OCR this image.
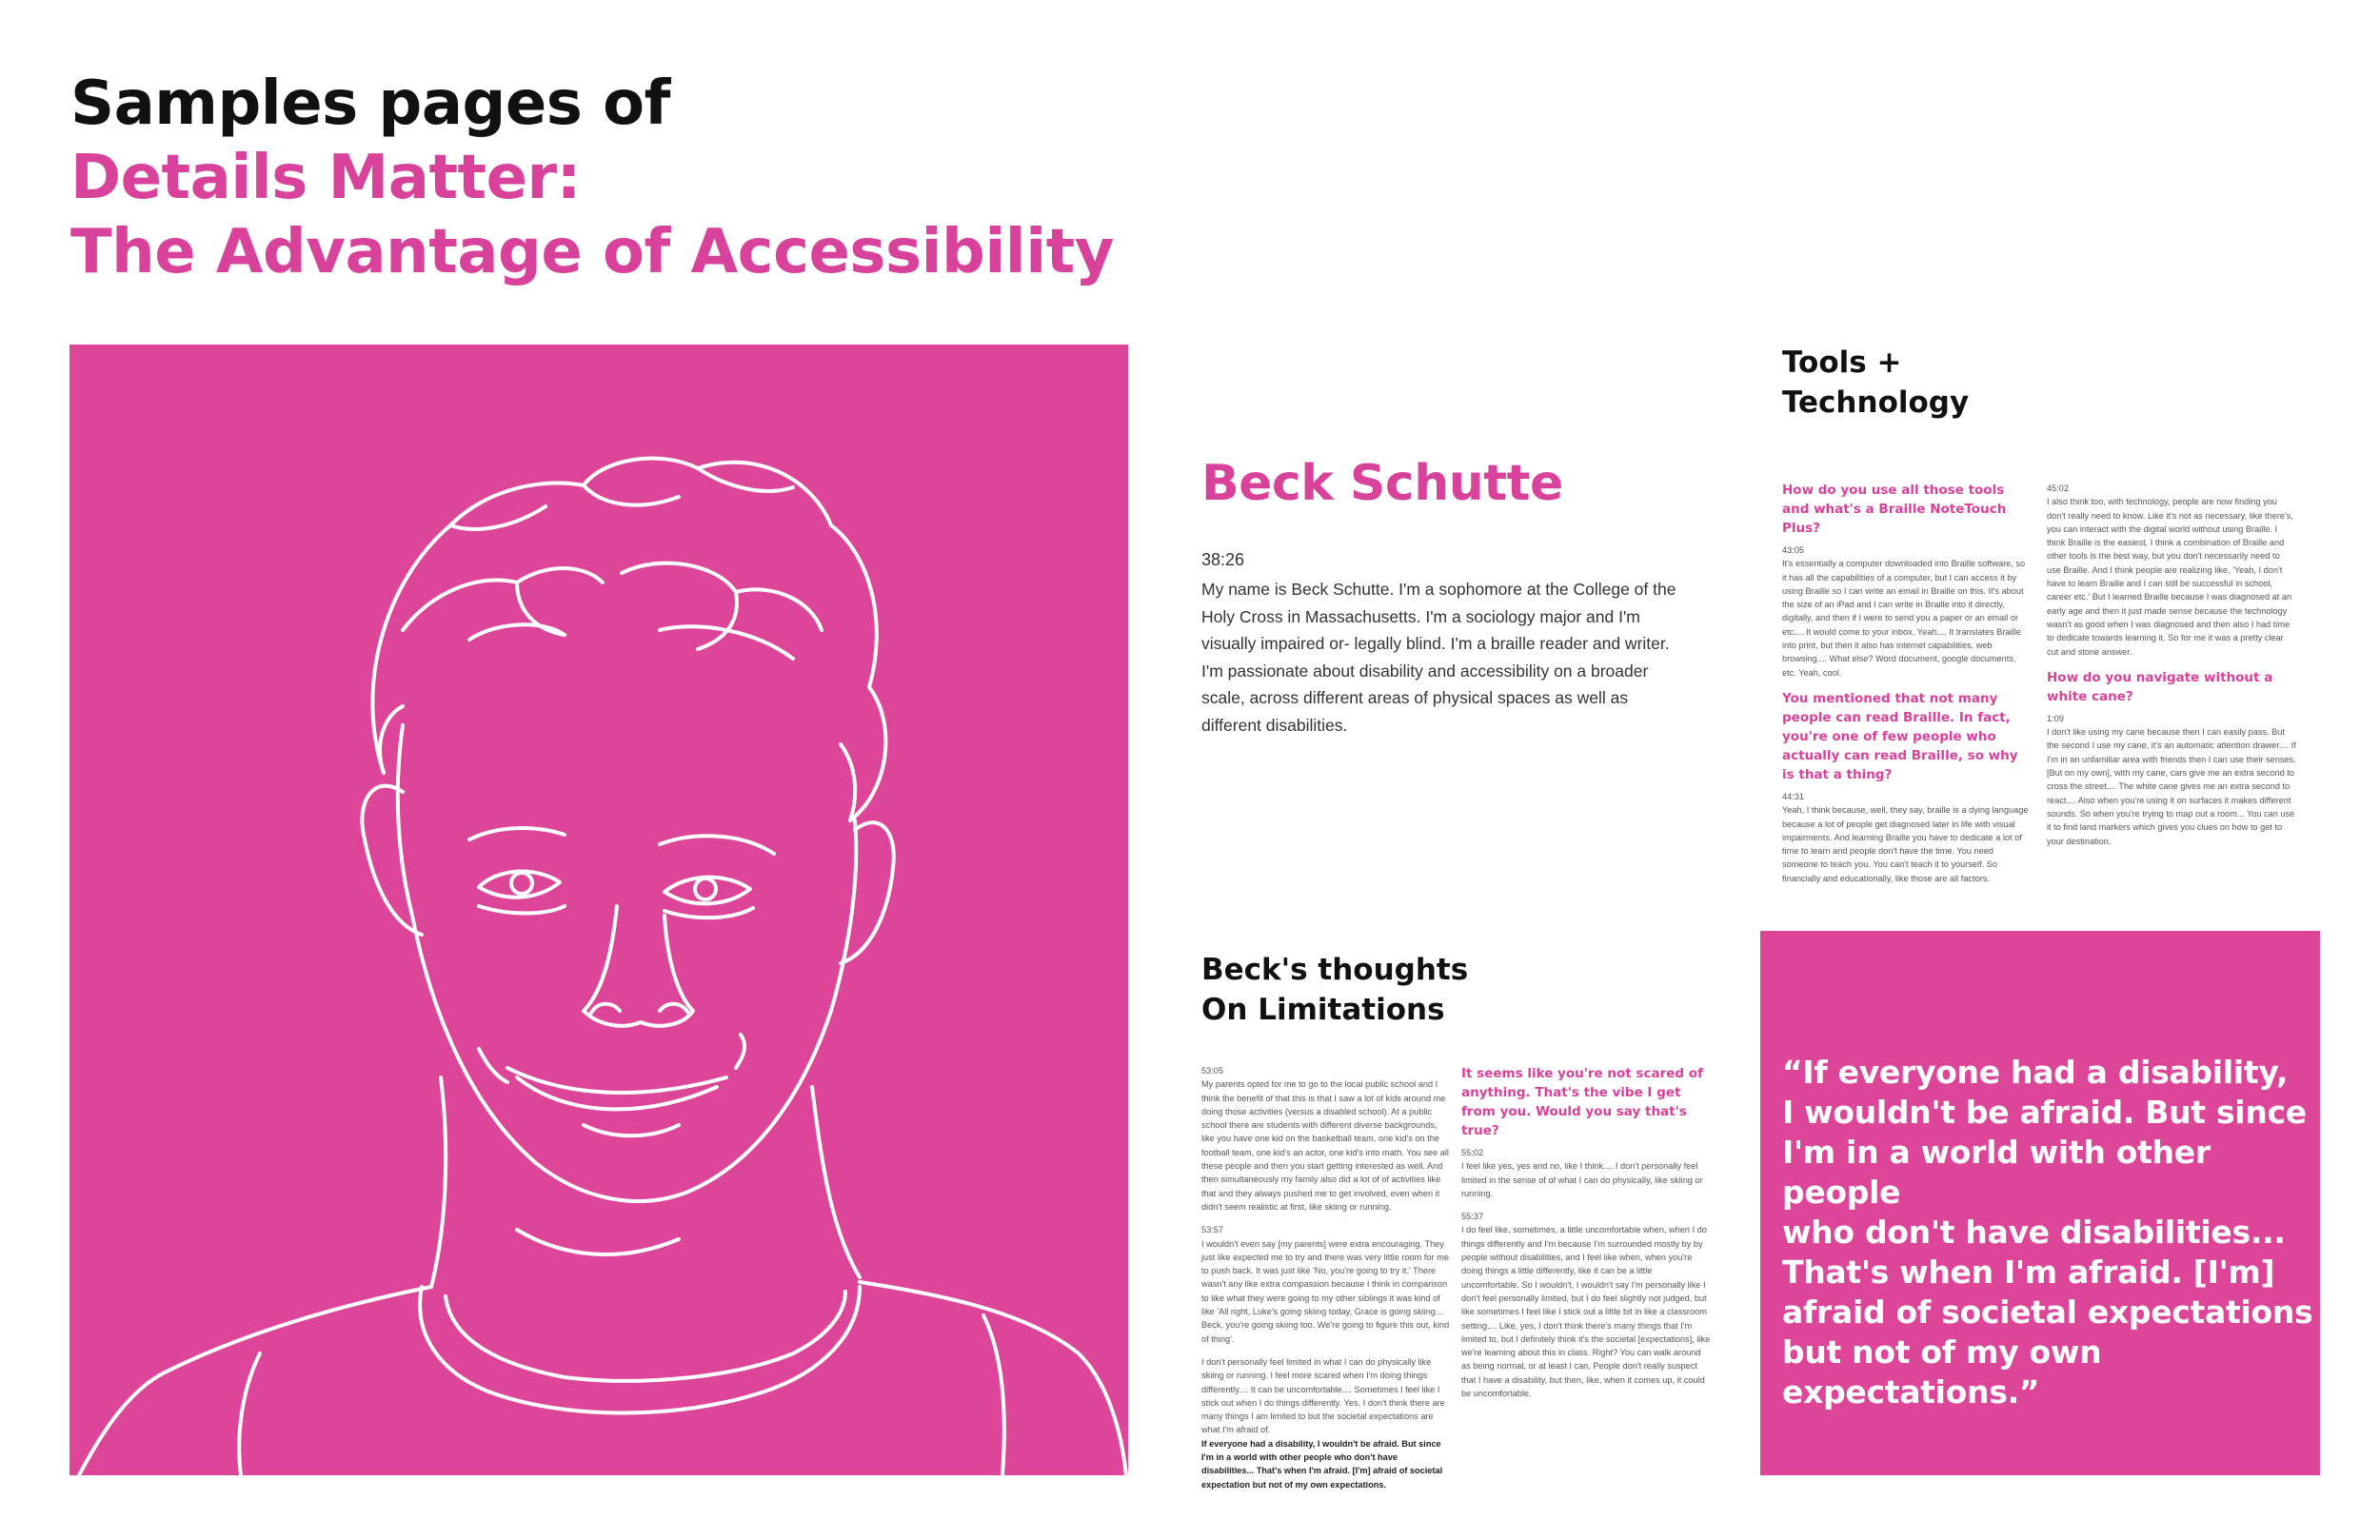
Samples pages of
Details Matter:
The Advantage of Accessibility
Beck Schutte
38:26
My name is Beck Schutte. I'm a sophomore at the College of the Holy Cross in Massachusetts. I'm a sociology major and I'm visually impaired or- legally blind. I'm a braille reader and writer. I'm passionate about disability and accessibility on a broader scale, across different areas of physical spaces as well as different disabilities.
Tools +
Technology
How do you use all those tools and what's a Braille NoteTouch Plus?
43:05
It's essentially a computer downloaded into Braille software, so it has all the capabilities of a computer, but I can access it by using Braille so I can write an email in Braille on this. It's about the size of an iPad and I can write in Braille into it directly, digitally, and then if I were to send you a paper or an email or etc.... It would come to your inbox. Yeah.... It translates Braille into print, but then it also has internet capabilities, web browsing.... What else? Word document, google documents, etc. Yeah, cool.
You mentioned that not many people can read Braille. In fact, you're one of few people who actually can read Braille, so why is that a thing?
44:31
Yeah, I think because, well, they say, braille is a dying language because a lot of people get diagnosed later in life with visual impairments. And learning Braille you have to dedicate a lot of time to learn and people don't have the time. You need someone to teach you. You can't teach it to yourself. So financially and educationally, like those are all factors.
45:02
I also think too, with technology, people are now finding you don't really need to know. Like it's not as necessary, like there's, you can interact with the digital world without using Braille. I think Braille is the easiest. I think a combination of Braille and other tools is the best way, but you don't necessarily need to use Braille. And I think people are realizing like, 'Yeah, I don't have to learn Braille and I can still be successful in school, career etc.' But I learned Braille because I was diagnosed at an early age and then it just made sense because the technology wasn't as good when I was diagnosed and then also I had time to dedicate towards learning it. So for me it was a pretty clear cut and stone answer.
How do you navigate without a white cane?
1:09
I don't like using my cane because then I can easily pass. But the second I use my cane, it's an automatic attention drawer.... If I'm in an unfamiliar area with friends then I can use their senses. [But on my own], with my cane, cars give me an extra second to cross the street.... The white cane gives me an extra second to react.... Also when you're using it on surfaces it makes different sounds. So when you're trying to map out a room... You can use it to find land markers which gives you clues on how to get to your destination.
Beck's thoughts
On Limitations
53:05
My parents opted for me to go to the local public school and I think the benefit of that this is that I saw a lot of kids around me doing those activities (versus a disabled school). At a public school there are students with different diverse backgrounds, like you have one kid on the basketball team, one kid's on the football team, one kid's an actor, one kid's into math. You see all these people and then you start getting interested as well. And then simultaneously my family also did a lot of of activities like that and they always pushed me to get involved, even when it didn't seem realistic at first, like skiing or running.
53:57
I wouldn't even say [my parents] were extra encouraging. They just like expected me to try and there was very little room for me to push back. It was just like 'No, you're going to try it.' There wasn't any like extra compassion because I think in comparison to like what they were going to my other siblings it was kind of like 'All right, Luke's going skiing today, Grace is going skiing... Beck, you're going skiing too. We're going to figure this out, kind of thing'.
I don't personally feel limited in what I can do physically like skiing or running. I feel more scared when I'm doing things differently.... It can be uncomfortable.... Sometimes I feel like I stick out when I do things differently. Yes, I don't think there are many things I am limited to but the societal expectations are what I'm afraid of.
If everyone had a disability, I wouldn't be afraid. But since I'm in a world with other people who don't have disabilities... That's when I'm afraid. [I'm] afraid of societal expectation but not of my own expectations.
It seems like you're not scared of anything. That's the vibe I get from you. Would you say that's true?
55:02
I feel like yes, yes and no, like I think.... I don't personally feel limited in the sense of of what I can do physically, like skiing or running.
55:37
I do feel like, sometimes, a little uncomfortable when, when I do things differently and I'm because I'm surrounded mostly by by people without disabilities, and I feel like when, when you're doing things a little differently, like it can be a little uncomfortable. So I wouldn't, I wouldn't say I'm personally like I don't feel personally limited, but I do feel slightly not judged, but like sometimes I feel like I stick out a little bit in like a classroom setting.... Like, yes, I don't think there's many things that I'm limited to, but I definitely think it's the societal [expectations], like we're learning about this in class. Right? You can walk around as being normal, or at least I can. People don't really suspect that I have a disability, but then, like, when it comes up, it could be uncomfortable.
“If everyone had a disability,
I wouldn't be afraid. But since
I'm in a world with other people
who don't have disabilities...
That's when I'm afraid. [I'm]
afraid of societal expectations
but not of my own expectations.”
